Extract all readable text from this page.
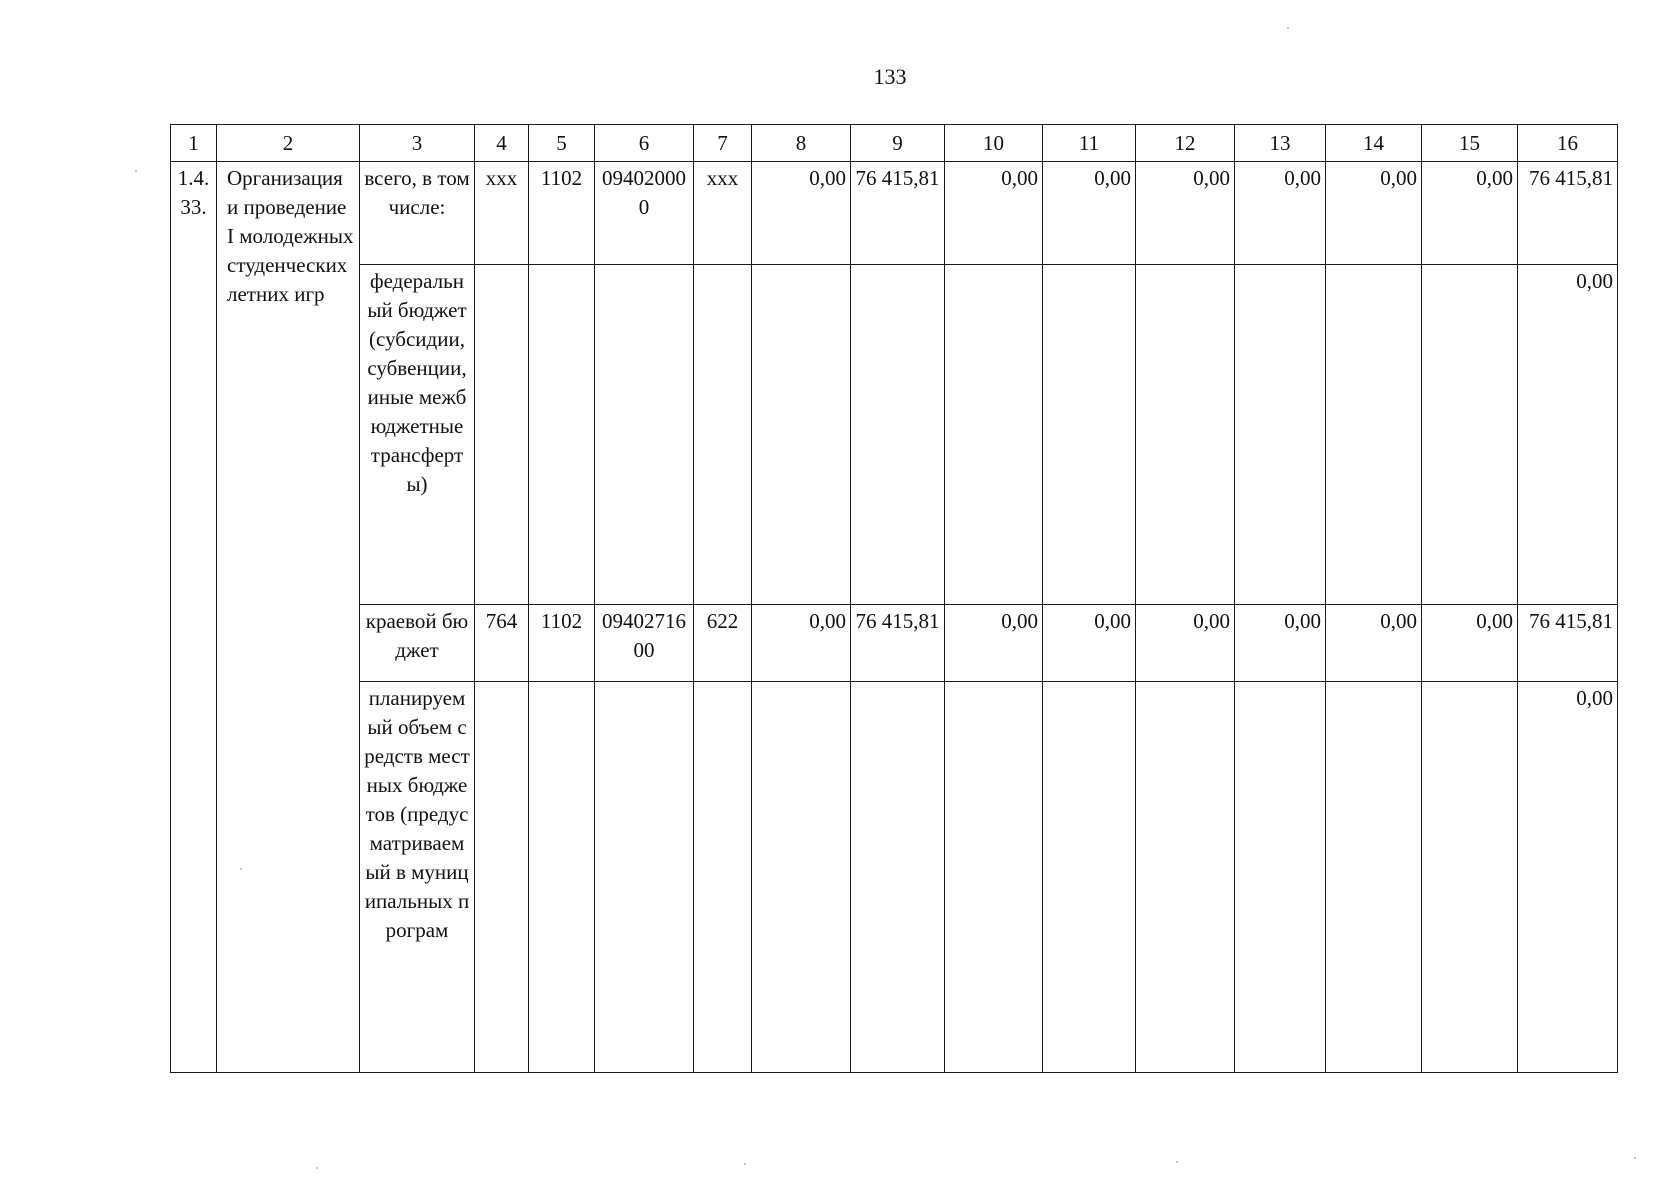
133
1	2	3	4	5	6	7	8	9	10	11	12	13	14	15	16
1.4.33.	Организация и проведение I молодежных студенческих летних игр	всего, в том числе:	ххх	1102	094020000	ххх	0,00	76 415,81	0,00	0,00	0,00	0,00	0,00	0,00	76 415,81
		федеральный бюджет (субсидии, субвенции, иные межбюджетные трансферты)													0,00
		краевой бюджет	764	1102	0940271600	622	0,00	76 415,81	0,00	0,00	0,00	0,00	0,00	0,00	76 415,81
		планируемый объем средств местных бюджетов (предусматриваемый в муниципальных програм													0,00
